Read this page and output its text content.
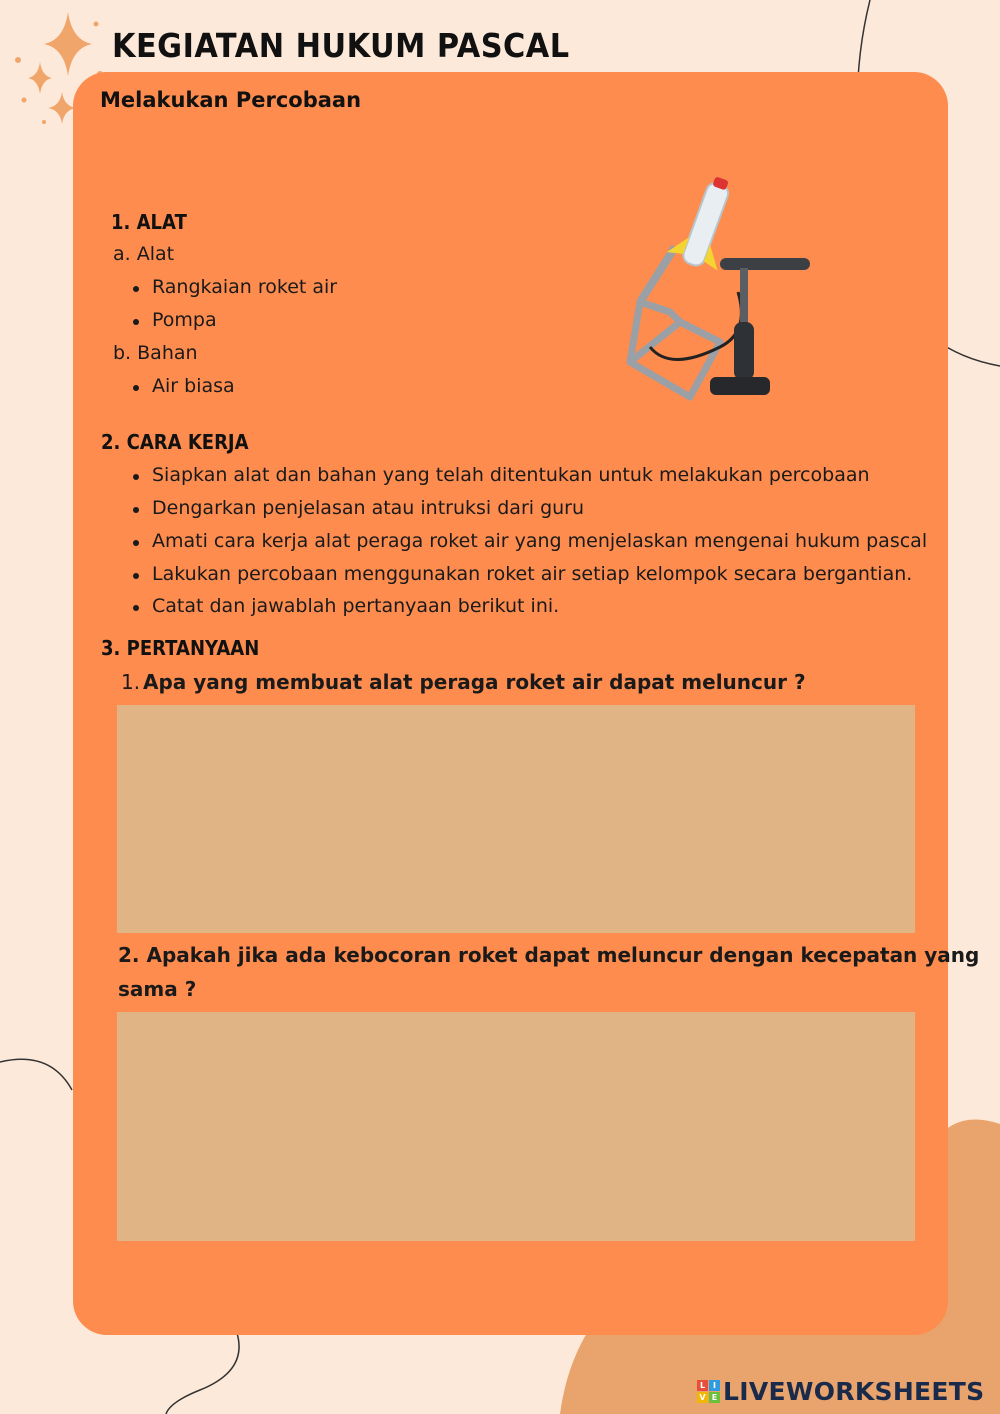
KEGIATAN HUKUM PASCAL
Melakukan Percobaan
1. ALAT
a. Alat
Rangkaian roket air
Pompa
b. Bahan
Air biasa
2. CARA KERJA
Siapkan alat dan bahan yang telah ditentukan untuk melakukan percobaan
Dengarkan penjelasan atau intruksi dari guru
Amati cara kerja alat peraga roket air yang menjelaskan mengenai hukum pascal
Lakukan percobaan menggunakan roket air setiap kelompok secara bergantian.
Catat dan jawablah pertanyaan berikut ini.
3. PERTANYAAN
1. Apa yang membuat alat peraga roket air dapat meluncur ?
2. Apakah jika ada kebocoran roket dapat meluncur dengan kecepatan yang
sama ?
L I
V E LIVEWORKSHEETS
